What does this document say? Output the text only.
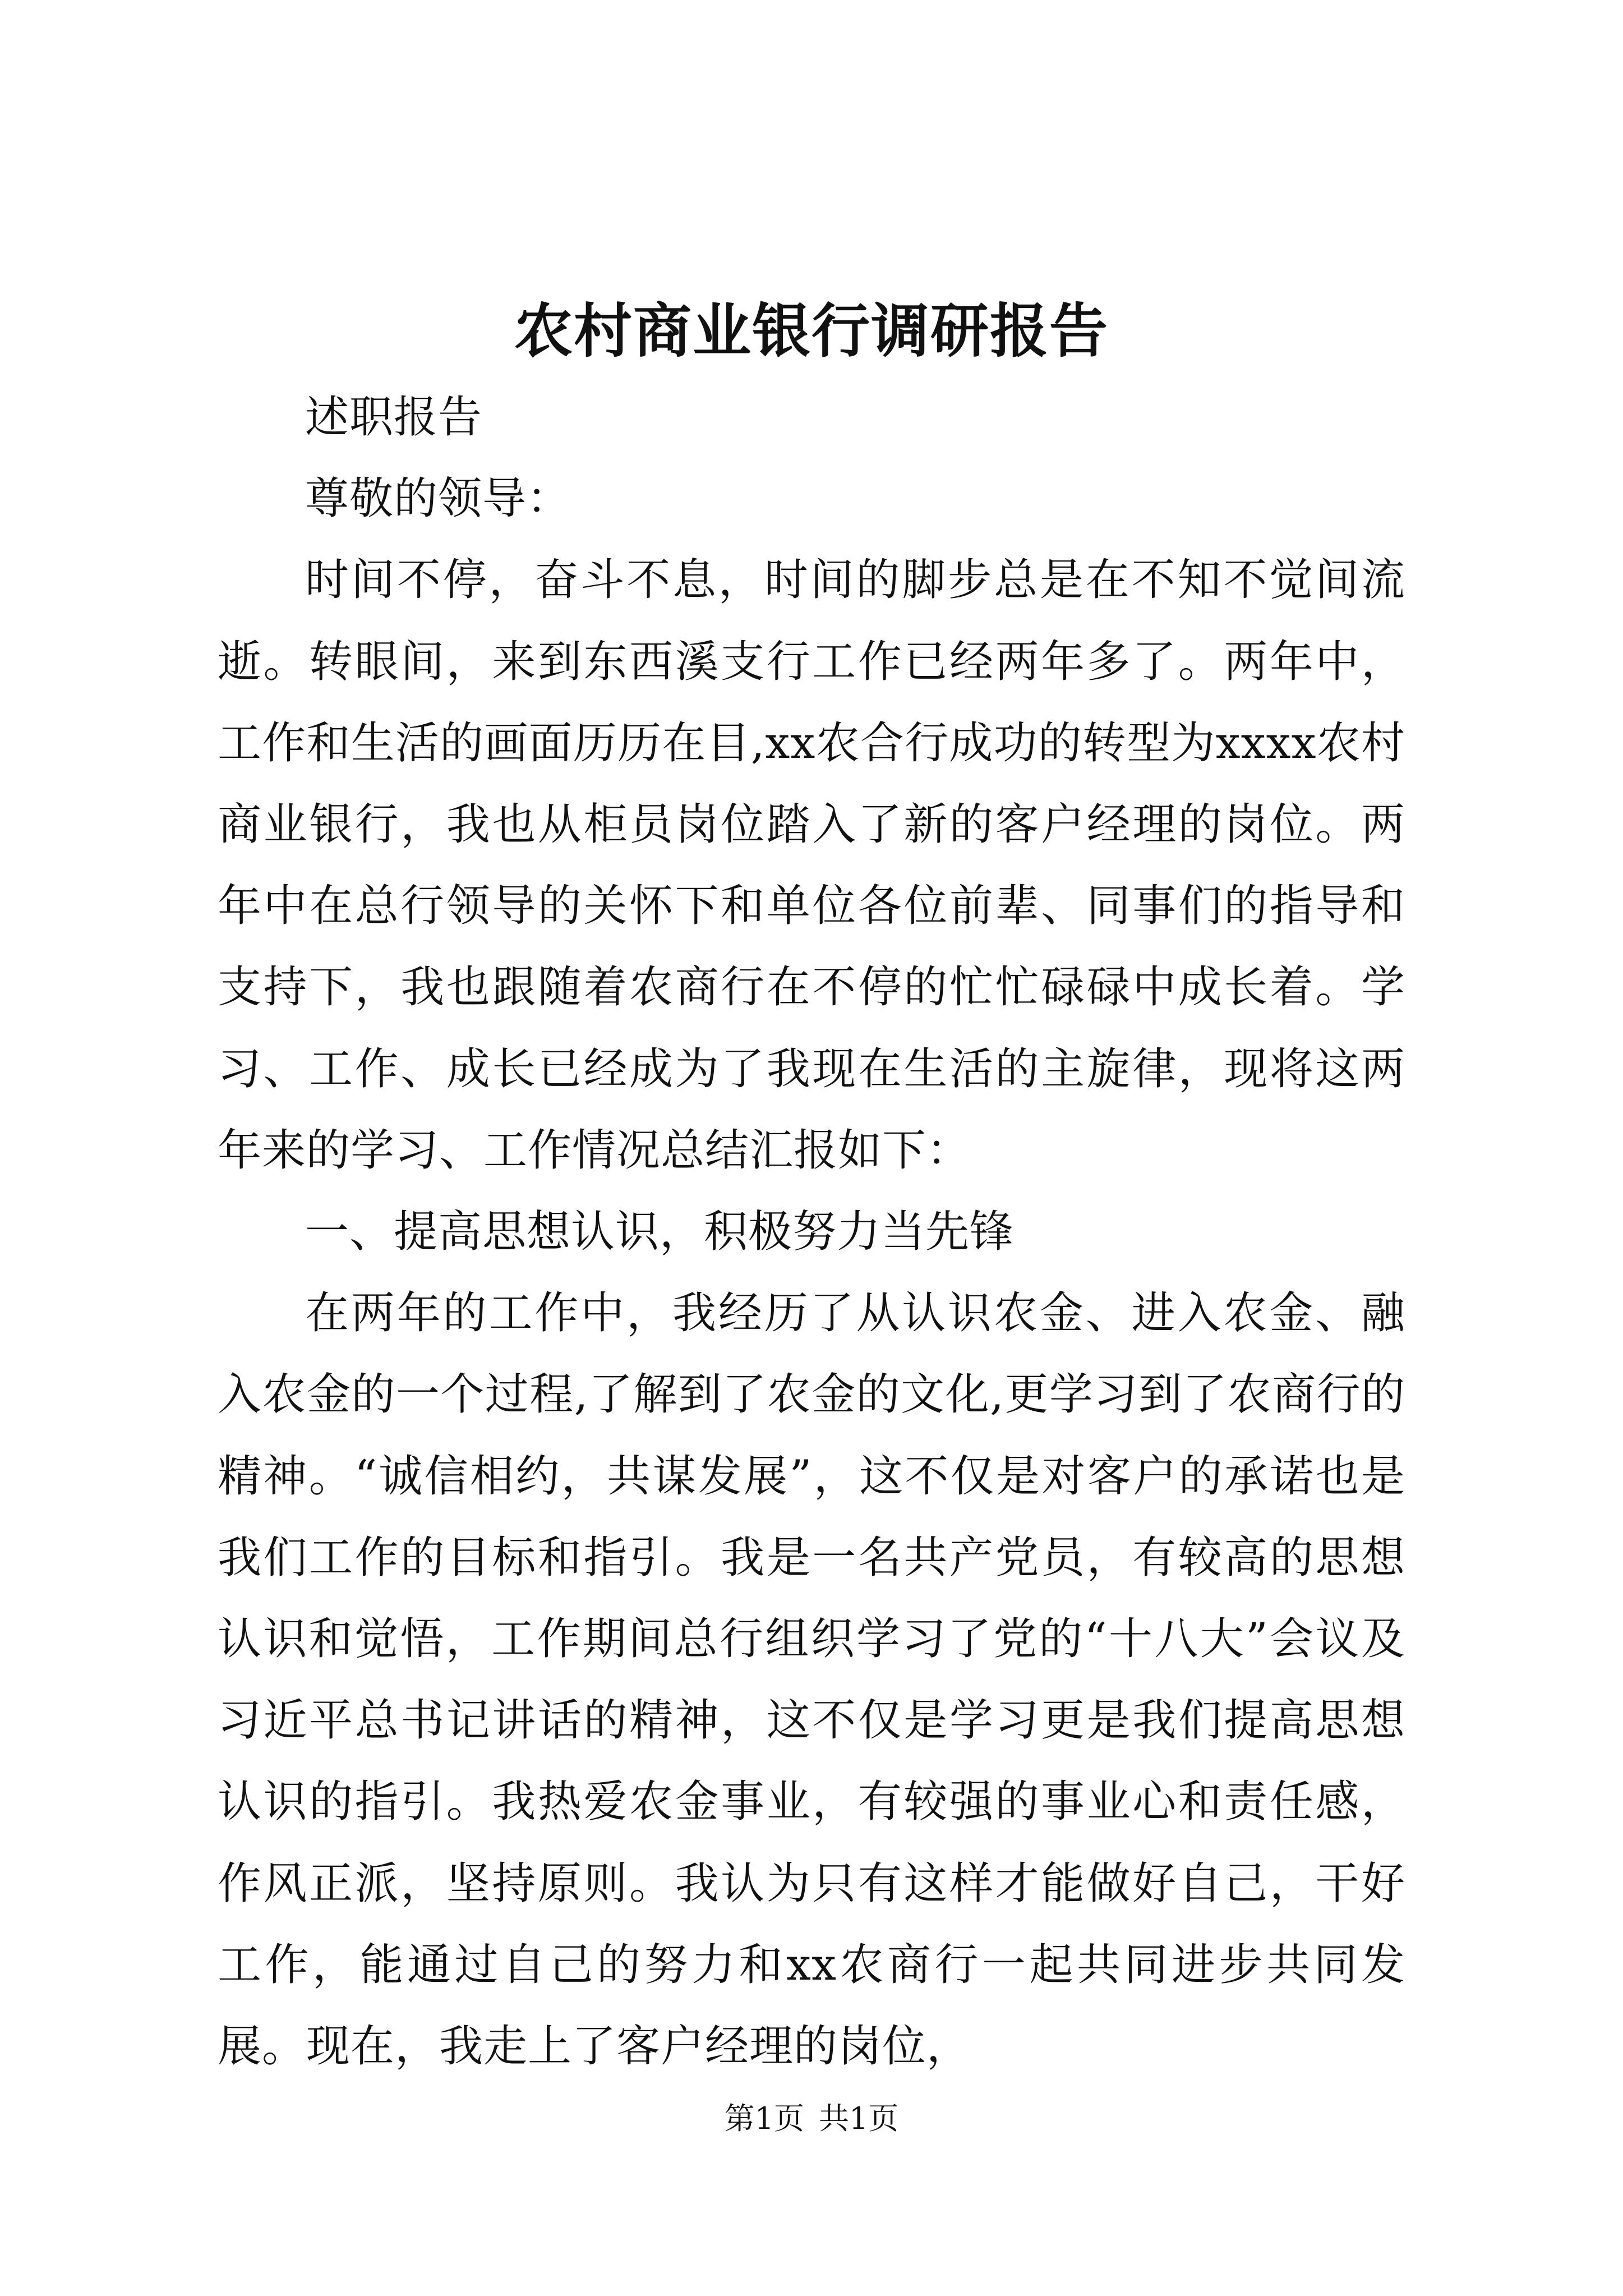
农村商业银行调研报告

述职报告

尊敬的领导：

时间不停，奋斗不息，时间的脚步总是在不知不觉间流逝。转眼间，来到东西溪支行工作已经两年多了。两年中，工作和生活的画面历历在目,xx农合行成功的转型为xxxx农村商业银行，我也从柜员岗位踏入了新的客户经理的岗位。两年中在总行领导的关怀下和单位各位前辈、同事们的指导和支持下，我也跟随着农商行在不停的忙忙碌碌中成长着。学习、工作、成长已经成为了我现在生活的主旋律，现将这两年来的学习、工作情况总结汇报如下：

一、提高思想认识，积极努力当先锋

在两年的工作中，我经历了从认识农金、进入农金、融入农金的一个过程,了解到了农金的文化,更学习到了农商行的精神。“诚信相约，共谋发展”，这不仅是对客户的承诺也是我们工作的目标和指引。我是一名共产党员，有较高的思想认识和觉悟，工作期间总行组织学习了党的“十八大”会议及习近平总书记讲话的精神，这不仅是学习更是我们提高思想认识的指引。我热爱农金事业，有较强的事业心和责任感，作风正派，坚持原则。我认为只有这样才能做好自己，干好工作，能通过自己的努力和xx农商行一起共同进步共同发展。现在，我走上了客户经理的岗位，

第1页 共1页
